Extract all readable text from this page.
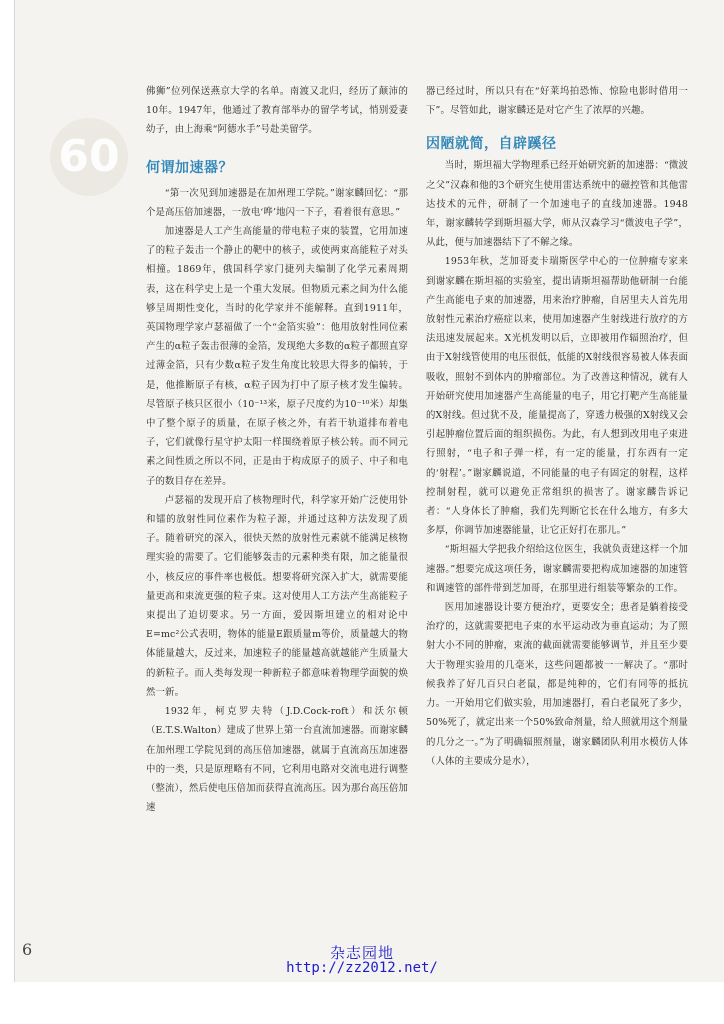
60

佛狮”位列保送燕京大学的名单。南渡又北归，经历了颠沛的10年。1947年，他通过了教育部举办的留学考试，悄别爱妻幼子，由上海乘“阿德水手”号赴美留学。

何谓加速器？

“第一次见到加速器是在加州理工学院。”谢家麟回忆：“那个是高压倍加速器，一放电‘哗’地闪一下子，看着很有意思。”

加速器是人工产生高能量的带电粒子束的装置，它用加速了的粒子轰击一个静止的靶中的核子，或使两束高能粒子对头相撞。1869年，俄国科学家门捷列夫编制了化学元素周期表，这在科学史上是一个重大发展。但物质元素之间为什么能够呈周期性变化，当时的化学家并不能解释。直到1911年，英国物理学家卢瑟福做了一个“金箔实验”：他用放射性同位素产生的α粒子轰击很薄的金箔，发现绝大多数的α粒子都照直穿过薄金箔，只有少数α粒子发生角度比较思大得多的偏转，于是，他推断原子有核，α粒子因为打中了原子核才发生偏转。尽管原子核只区很小（10⁻¹³米，原子尺度约为10⁻¹⁰米）却集中了整个原子的质量，在原子核之外，有若干轨道排布着电子，它们就像行星守护太阳一样围绕着原子核公转。而不同元素之间性质之所以不同，正是由于构成原子的质子、中子和电子的数目存在差异。

卢瑟福的发现开启了核物理时代，科学家开始广泛使用钋和镭的放射性同位素作为粒子源，并通过这种方法发现了质子。随着研究的深入，很快天然的放射性元素就不能满足核物理实验的需要了。它们能够轰击的元素种类有限，加之能量很小，核反应的事件率也极低。想要将研究深入扩大，就需要能量更高和束流更强的粒子束。这对使用人工方法产生高能粒子束提出了迫切要求。另一方面，爱因斯坦建立的相对论中E=mc²公式表明，物体的能量E跟质量m等价，质量越大的物体能量越大，反过来，加速粒子的能量越高就越能产生质量大的新粒子。而人类每发现一种新粒子都意味着物理学面貌的焕然一新。

1932年，柯克罗夫特（J.D.Cock-roft）和沃尔顿（E.T.S.Walton）建成了世界上第一台直流加速器。而谢家麟在加州理工学院见到的高压倍加速器，就属于直流高压加速器中的一类，只是原理略有不同，它利用电路对交流电进行调整（整流），然后使电压倍加而获得直流高压。因为那台高压倍加速

器已经过时，所以只有在“好莱坞拍恐怖、惊险电影时借用一下”。尽管如此，谢家麟还是对它产生了浓厚的兴趣。

因陋就简，自辟蹊径

当时，斯坦福大学物理系已经开始研究新的加速器：“微波之父”汉森和他的3个研究生使用雷达系统中的磁控管和其他雷达技术的元件，研制了一个加速电子的直线加速器。1948年，谢家麟转学到斯坦福大学，师从汉森学习“微波电子学”，从此，便与加速器结下了不解之缘。

1953年秋，芝加哥麦卡瑞斯医学中心的一位肿瘤专家来到谢家麟在斯坦福的实验室，提出请斯坦福帮助他研制一台能产生高能电子束的加速器，用来治疗肿瘤，自居里夫人首先用放射性元素治疗癌症以来，使用加速器产生射线进行放疗的方法迅速发展起来。X光机发明以后，立即被用作辐照治疗，但由于X射线管使用的电压很低，低能的X射线很容易被人体表面吸收，照射不到体内的肿瘤部位。为了改善这种情况，就有人开始研究使用加速器产生高能量的电子，用它打靶产生高能量的X射线。但过犹不及，能量提高了，穿透力极强的X射线又会引起肿瘤位置后面的组织损伤。为此，有人想到改用电子束进行照射，“电子和子弹一样，有一定的能量，打东西有一定的‘射程’。”谢家麟说道，不同能量的电子有固定的射程，这样控制射程，就可以避免正常组织的损害了。谢家麟告诉记者：“人身体长了肿瘤，我们先判断它长在什么地方，有多大多厚，你调节加速器能量，让它正好打在那儿。”

“斯坦福大学把我介绍给这位医生，我就负责建这样一个加速器。”想要完成这项任务，谢家麟需要把构成加速器的加速管和调速管的部件带到芝加哥，在那里进行组装等繁杂的工作。

医用加速器设计要方便治疗，更要安全；患者是躺着接受治疗的，这就需要把电子束的水平运动改为垂直运动；为了照射大小不同的肿瘤，束流的截面就需要能够调节，并且至少要大于物理实验用的几毫米，这些问题都被一一解决了。“那时候我养了好几百只白老鼠，都是纯种的，它们有同等的抵抗力。一开始用它们做实验，用加速器打，看白老鼠死了多少，50%死了，就定出来一个50%致命剂量，给人照就用这个剂量的几分之一。”为了明确辐照剂量，谢家麟团队利用水模仿人体（人体的主要成分是水），

6	杂志园地
http://zz2012.net/
